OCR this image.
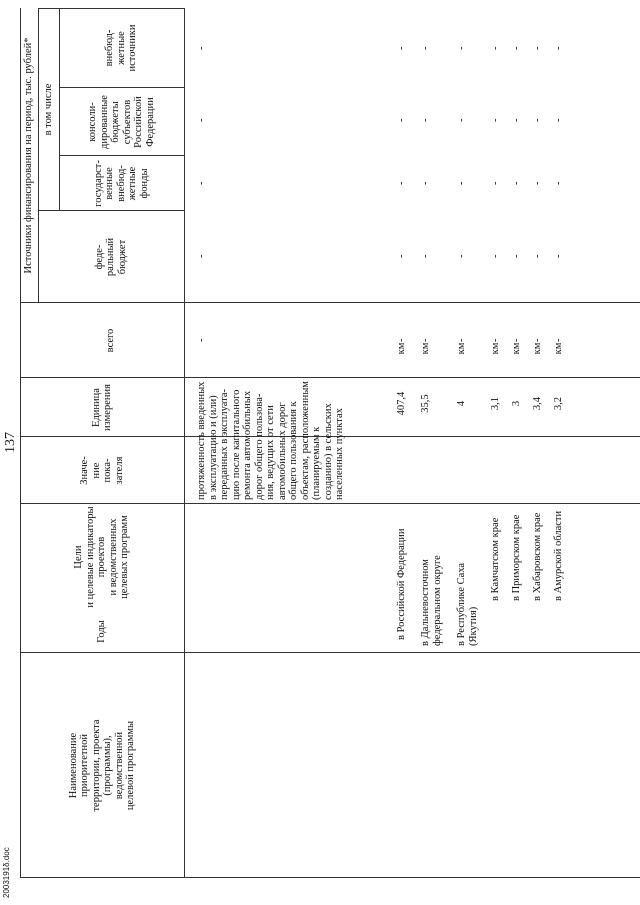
137
Наименование
приоритетной
территории, проекта
(программы),
ведомственной
целевой программы
Годы
Цели
и целевые индикаторы
проектов
и ведомственных
целевых программ
Значе-
ние
пока-
зателя
Единица
измерения
Источники финансирования на период, тыс. рублей*
всего
феде-
ральный
бюджет
в том числе
государст-
венные
внебюд-
жетные
фонды
консоли-
дированные
бюджеты
субъектов
Российской
Федерации
внебюд-
жетные
источники
протяженность введенных
в эксплуатацию и (или)
переданных в эксплуата-
цию после капитального
ремонта автомобильных
дорог общего пользова-
ния, ведущих от сети
автомобильных дорог
общего пользования к
объектам, расположенным
(планируемым к
созданию) в сельских
населенных пунктах
в Российской Федерации
407,4
км
в Дальневосточном
федеральном округе
35,5
км
в Республике Саха
(Якутия)
4
км
в Камчатском крае
3,1
км
в Приморском крае
3
км
в Хабаровском крае
3,4
км
в Амурской области
3,2
км
-
-
-
-
-
-
-
-
-
-
-
-
-
-
-
-
-
-
-
-
-
-
-
-
-
-
-
-
-
-
-
-
-
-
-
-
-
-
-
-
2003191δ.doc
